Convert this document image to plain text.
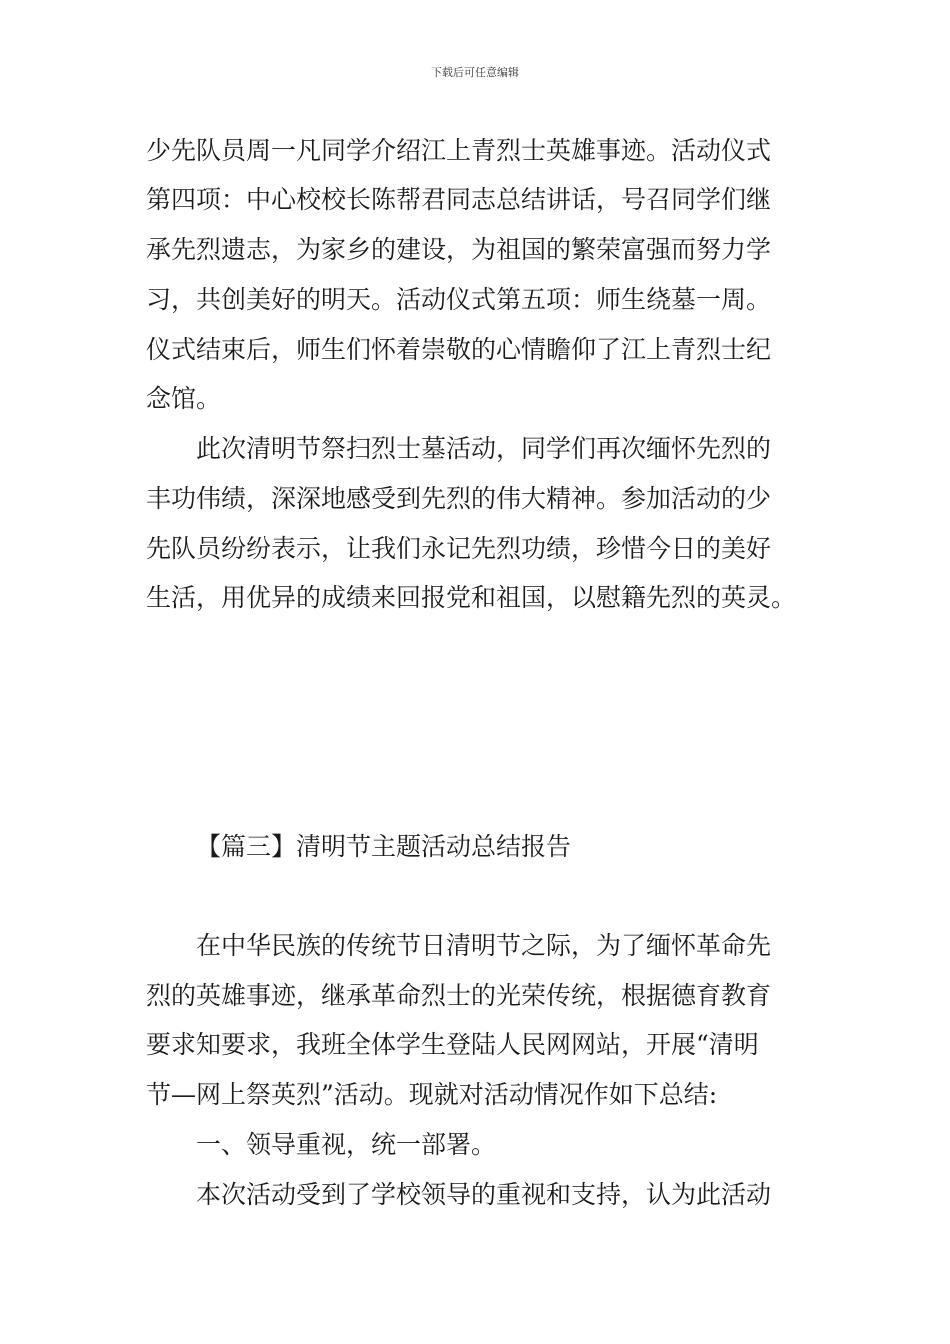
下载后可任意编辑
少先队员周一凡同学介绍江上青烈士英雄事迹。活动仪式
第四项：中心校校长陈帮君同志总结讲话，号召同学们继
承先烈遗志，为家乡的建设，为祖国的繁荣富强而努力学
习，共创美好的明天。活动仪式第五项：师生绕墓一周。
仪式结束后，师生们怀着崇敬的心情瞻仰了江上青烈士纪
念馆。
　　此次清明节祭扫烈士墓活动，同学们再次缅怀先烈的
丰功伟绩，深深地感受到先烈的伟大精神。参加活动的少
先队员纷纷表示，让我们永记先烈功绩，珍惜今日的美好
生活，用优异的成绩来回报党和祖国，以慰籍先烈的英灵。
【篇三】清明节主题活动总结报告
　　在中华民族的传统节日清明节之际，为了缅怀革命先
烈的英雄事迹，继承革命烈士的光荣传统，根据德育教育
要求知要求，我班全体学生登陆人民网网站，开展“清明
节—网上祭英烈”活动。现就对活动情况作如下总结:
　　一、领导重视，统一部署。
　　本次活动受到了学校领导的重视和支持，认为此活动
